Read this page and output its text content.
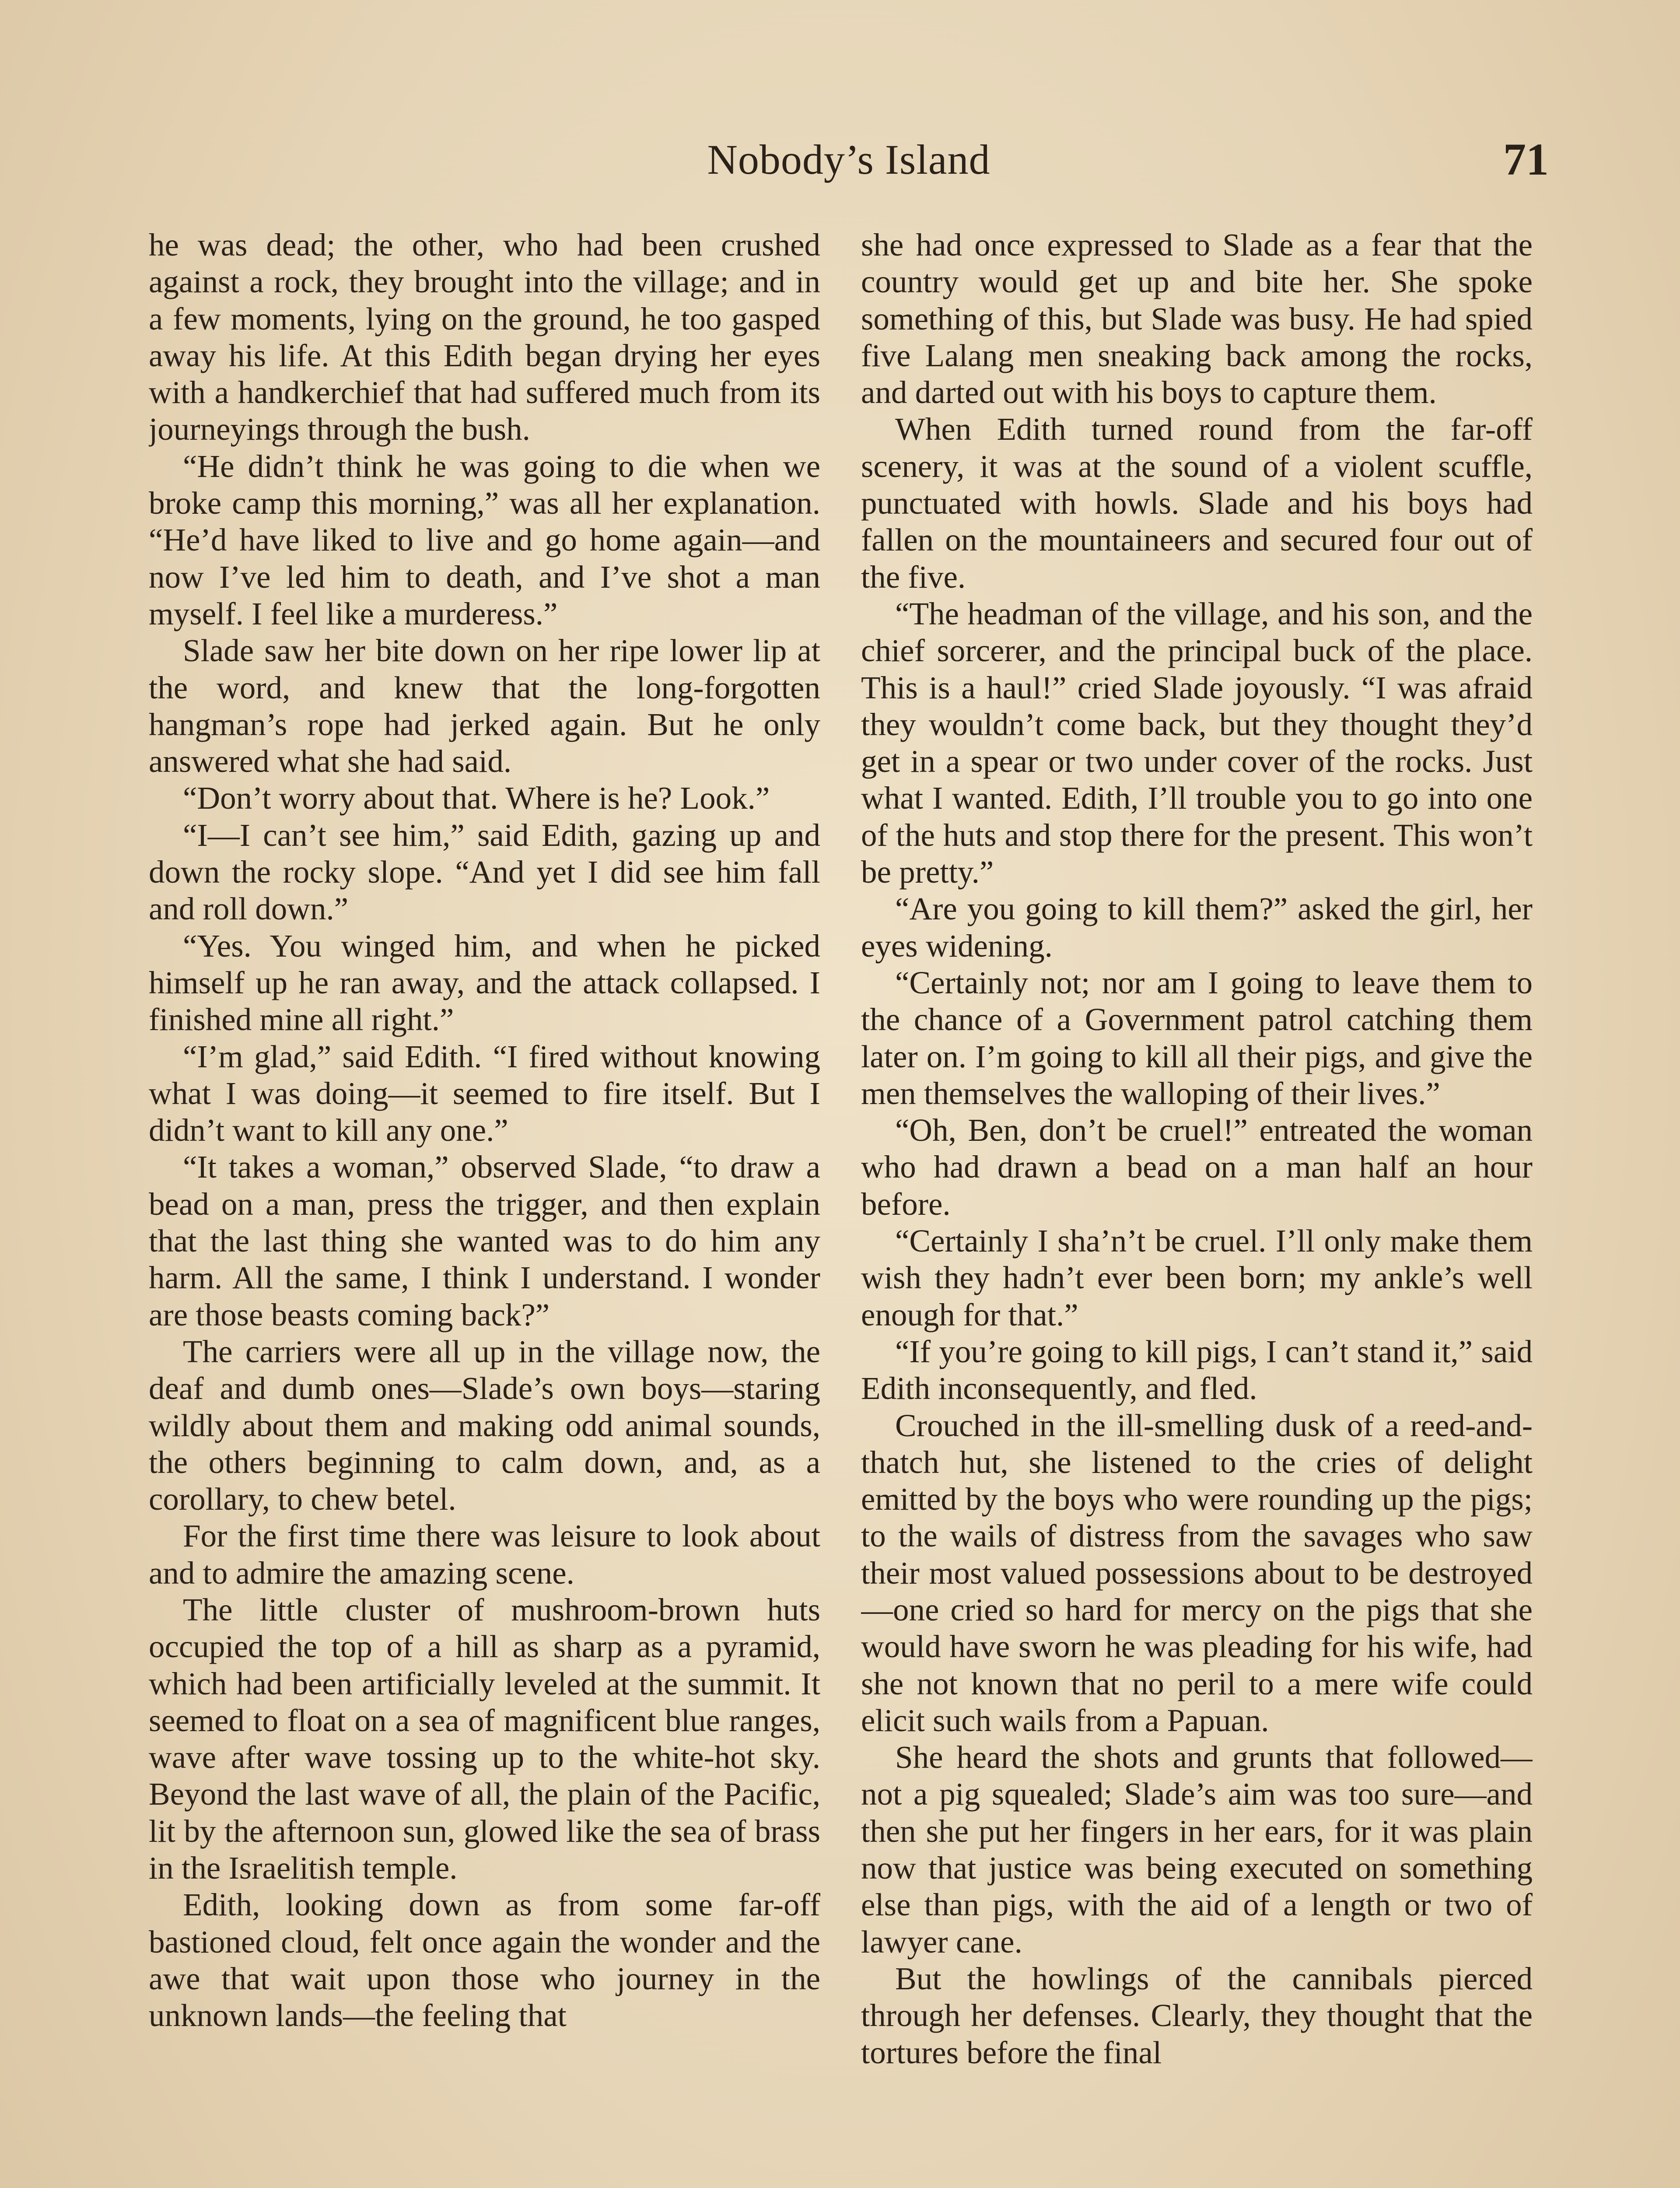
Nobody’s Island	71

he was dead; the other, who had been crushed against a rock, they brought into the village; and in a few moments, lying on the ground, he too gasped away his life. At this Edith began drying her eyes with a handkerchief that had suffered much from its journeyings through the bush.

“He didn’t think he was going to die when we broke camp this morning,” was all her explanation. “He’d have liked to live and go home again—and now I’ve led him to death, and I’ve shot a man myself. I feel like a murderess.”

Slade saw her bite down on her ripe lower lip at the word, and knew that the long-forgotten hangman’s rope had jerked again. But he only answered what she had said.

“Don’t worry about that. Where is he? Look.”

“I—I can’t see him,” said Edith, gazing up and down the rocky slope. “And yet I did see him fall and roll down.”

“Yes. You winged him, and when he picked himself up he ran away, and the attack collapsed. I finished mine all right.”

“I’m glad,” said Edith. “I fired without knowing what I was doing—it seemed to fire itself. But I didn’t want to kill any one.”

“It takes a woman,” observed Slade, “to draw a bead on a man, press the trigger, and then explain that the last thing she wanted was to do him any harm. All the same, I think I understand. I wonder are those beasts coming back?”

The carriers were all up in the village now, the deaf and dumb ones—Slade’s own boys—staring wildly about them and making odd animal sounds, the others beginning to calm down, and, as a corollary, to chew betel.

For the first time there was leisure to look about and to admire the amazing scene.

The little cluster of mushroom-brown huts occupied the top of a hill as sharp as a pyramid, which had been artificially leveled at the summit. It seemed to float on a sea of magnificent blue ranges, wave after wave tossing up to the white-hot sky. Beyond the last wave of all, the plain of the Pacific, lit by the afternoon sun, glowed like the sea of brass in the Israelitish temple.

Edith, looking down as from some far-off bastioned cloud, felt once again the wonder and the awe that wait upon those who journey in the unknown lands—the feeling that

she had once expressed to Slade as a fear that the country would get up and bite her. She spoke something of this, but Slade was busy. He had spied five Lalang men sneaking back among the rocks, and darted out with his boys to capture them.

When Edith turned round from the far-off scenery, it was at the sound of a violent scuffle, punctuated with howls. Slade and his boys had fallen on the mountaineers and secured four out of the five.

“The headman of the village, and his son, and the chief sorcerer, and the principal buck of the place. This is a haul!” cried Slade joyously. “I was afraid they wouldn’t come back, but they thought they’d get in a spear or two under cover of the rocks. Just what I wanted. Edith, I’ll trouble you to go into one of the huts and stop there for the present. This won’t be pretty.”

“Are you going to kill them?” asked the girl, her eyes widening.

“Certainly not; nor am I going to leave them to the chance of a Government patrol catching them later on. I’m going to kill all their pigs, and give the men themselves the walloping of their lives.”

“Oh, Ben, don’t be cruel!” entreated the woman who had drawn a bead on a man half an hour before.

“Certainly I sha’n’t be cruel. I’ll only make them wish they hadn’t ever been born; my ankle’s well enough for that.”

“If you’re going to kill pigs, I can’t stand it,” said Edith inconsequently, and fled.

Crouched in the ill-smelling dusk of a reed-and-thatch hut, she listened to the cries of delight emitted by the boys who were rounding up the pigs; to the wails of distress from the savages who saw their most valued possessions about to be destroyed—one cried so hard for mercy on the pigs that she would have sworn he was pleading for his wife, had she not known that no peril to a mere wife could elicit such wails from a Papuan.

She heard the shots and grunts that followed—not a pig squealed; Slade’s aim was too sure—and then she put her fingers in her ears, for it was plain now that justice was being executed on something else than pigs, with the aid of a length or two of lawyer cane.

But the howlings of the cannibals pierced through her defenses. Clearly, they thought that the tortures before the final
